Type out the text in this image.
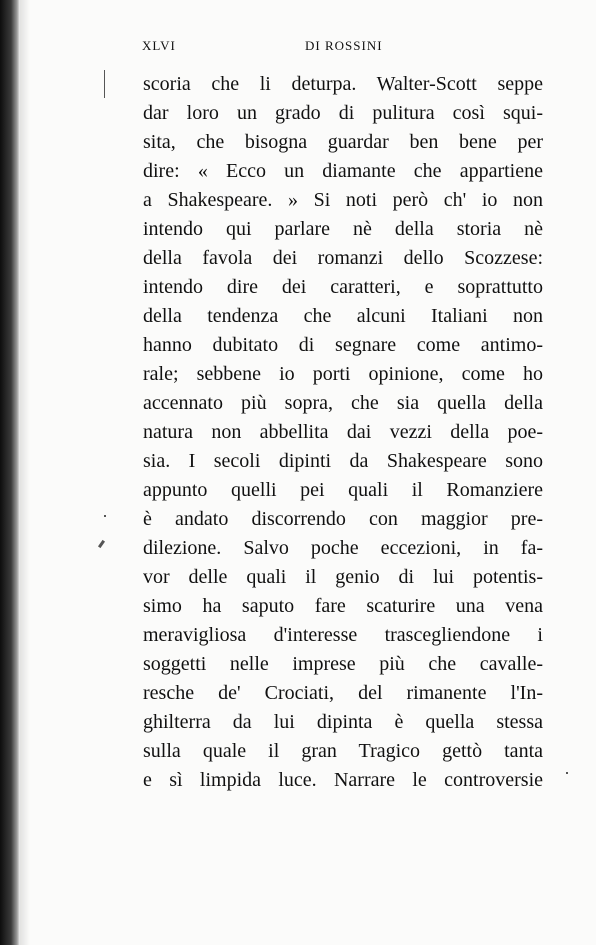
XLVI	DI ROSSINI
scoria che li deturpa. Walter-Scott seppe
dar loro un grado di pulitura così squi-
sita, che bisogna guardar ben bene per
dire: « Ecco un diamante che appartiene
a Shakespeare. » Si noti però ch' io non
intendo qui parlare nè della storia nè
della favola dei romanzi dello Scozzese:
intendo dire dei caratteri, e soprattutto
della tendenza che alcuni Italiani non
hanno dubitato di segnare come antimo-
rale; sebbene io porti opinione, come ho
accennato più sopra, che sia quella della
natura non abbellita dai vezzi della poe-
sia. I secoli dipinti da Shakespeare sono
appunto quelli pei quali il Romanziere
è andato discorrendo con maggior pre-
dilezione. Salvo poche eccezioni, in fa-
vor delle quali il genio di lui potentis-
simo ha saputo fare scaturire una vena
meravigliosa d'interesse trascegliendone i
soggetti nelle imprese più che cavalle-
resche de' Crociati, del rimanente l'In-
ghilterra da lui dipinta è quella stessa
sulla quale il gran Tragico gettò tanta
e sì limpida luce. Narrare le controversie
